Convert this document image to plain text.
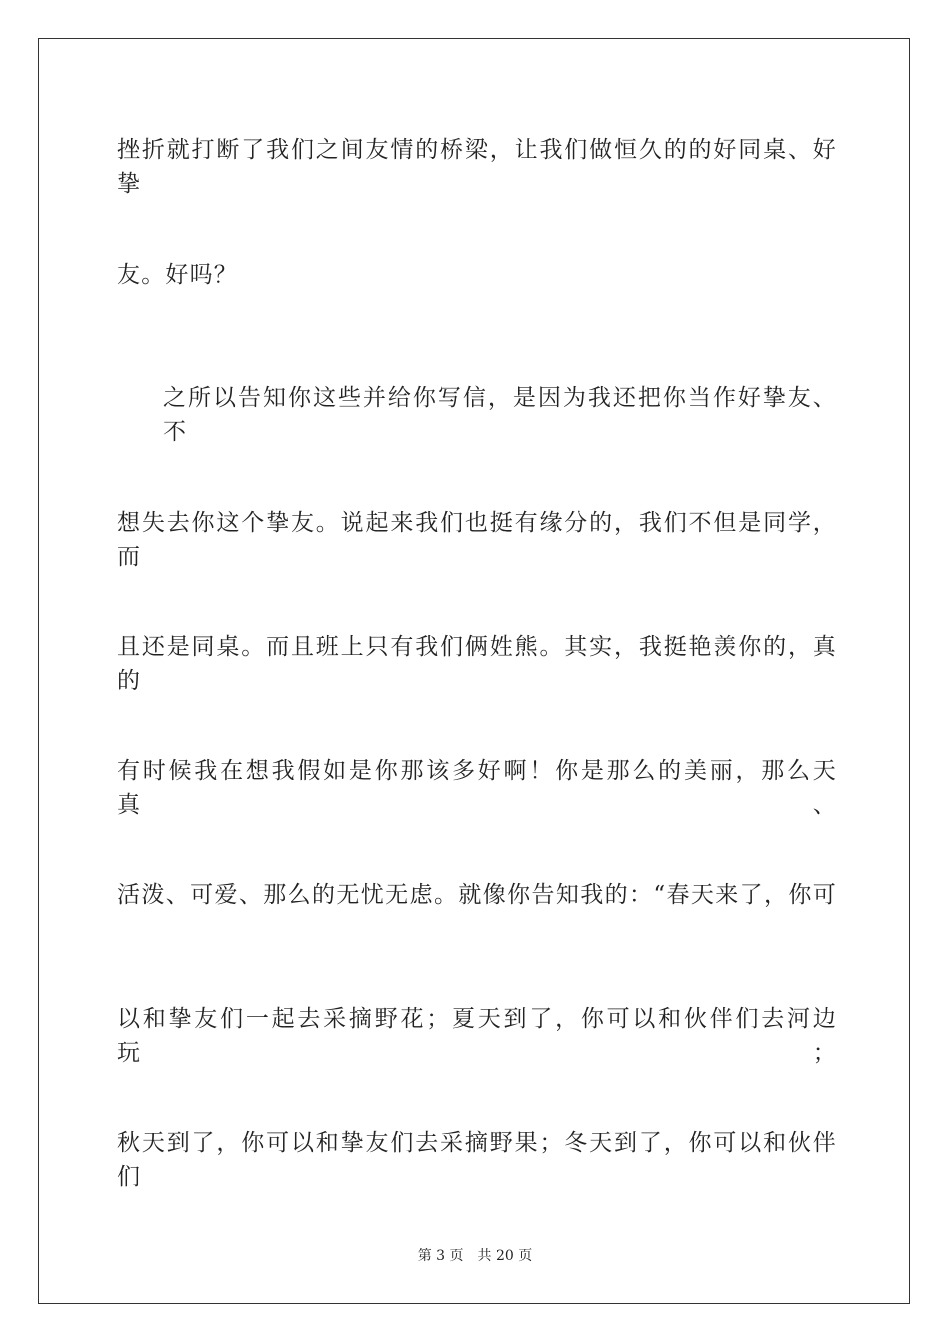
挫折就打断了我们之间友情的桥梁，让我们做恒久的的好同桌、好挚
友。好吗？
之所以告知你这些并给你写信，是因为我还把你当作好挚友、不
想失去你这个挚友。说起来我们也挺有缘分的，我们不但是同学，而
且还是同桌。而且班上只有我们俩姓熊。其实，我挺艳羡你的，真的
有时候我在想我假如是你那该多好啊！你是那么的美丽，那么天真、
活泼、可爱、那么的无忧无虑。就像你告知我的：“春天来了，你可
以和挚友们一起去采摘野花；夏天到了，你可以和伙伴们去河边玩；
秋天到了，你可以和挚友们去采摘野果；冬天到了，你可以和伙伴们
第 3 页 共 20 页
